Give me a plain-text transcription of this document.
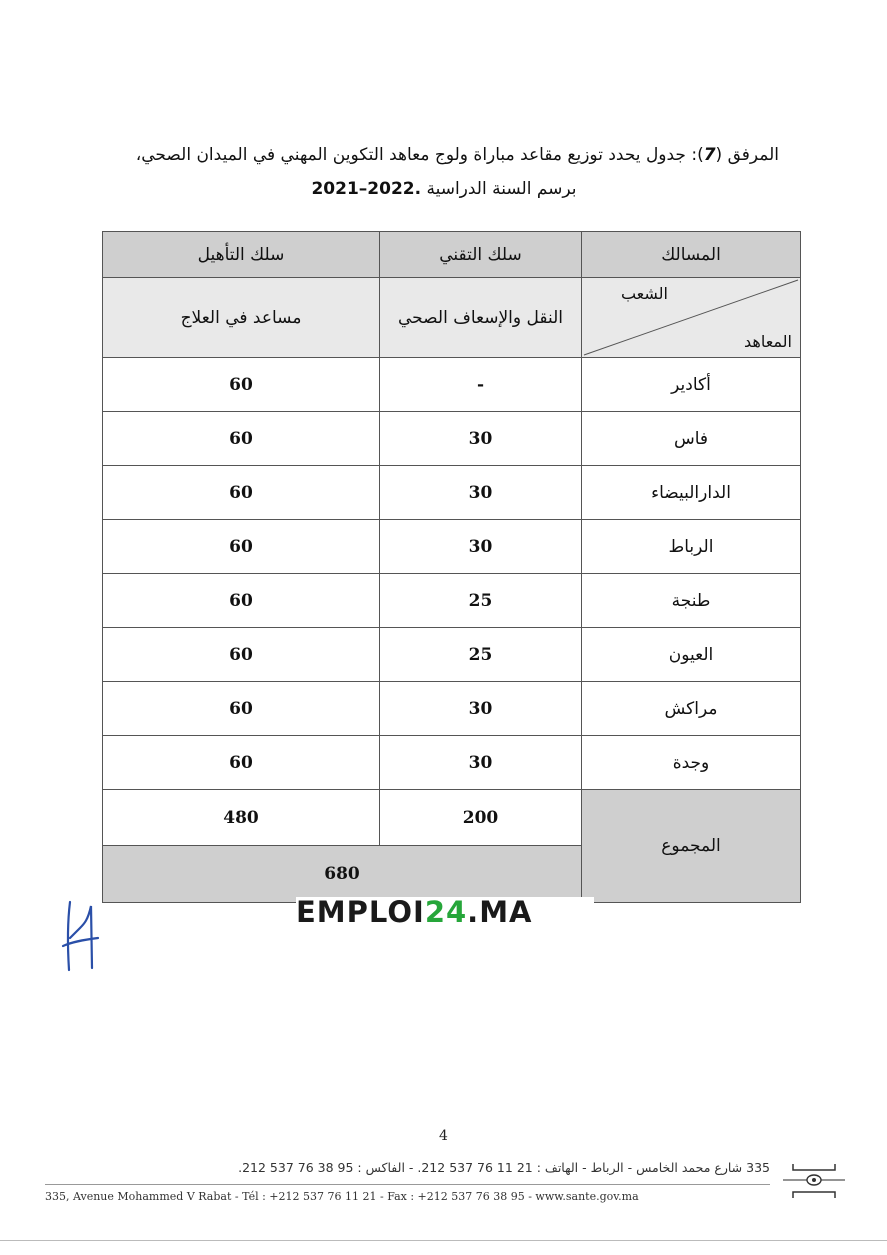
المرفق (7): جدول يحدد توزيع مقاعد مباراة ولوج معاهد التكوين المهني في الميدان الصحي،
برسم السنة الدراسية 2021–2022.
المسالك	سلك التقني	سلك التأهيل

الشعب
المعاهد	النقل والإسعاف الصحي	مساعد في العلاج
أكادير	-	60
فاس	30	60
الدارالبيضاء	30	60
الرباط	30	60
طنجة	25	60
العيون	25	60
مراكش	30	60
وجدة	30	60
المجموع	200	480
	680	
EMPLOI24.MA
4
335 شارع محمد الخامس - الرباط - الهاتف : 21 11 76 537 212. - الفاكس : 95 38 76 537 212.
335, Avenue Mohammed V Rabat - Tél : +212 537 76 11 21 - Fax : +212 537 76 38 95 - www.sante.gov.ma
